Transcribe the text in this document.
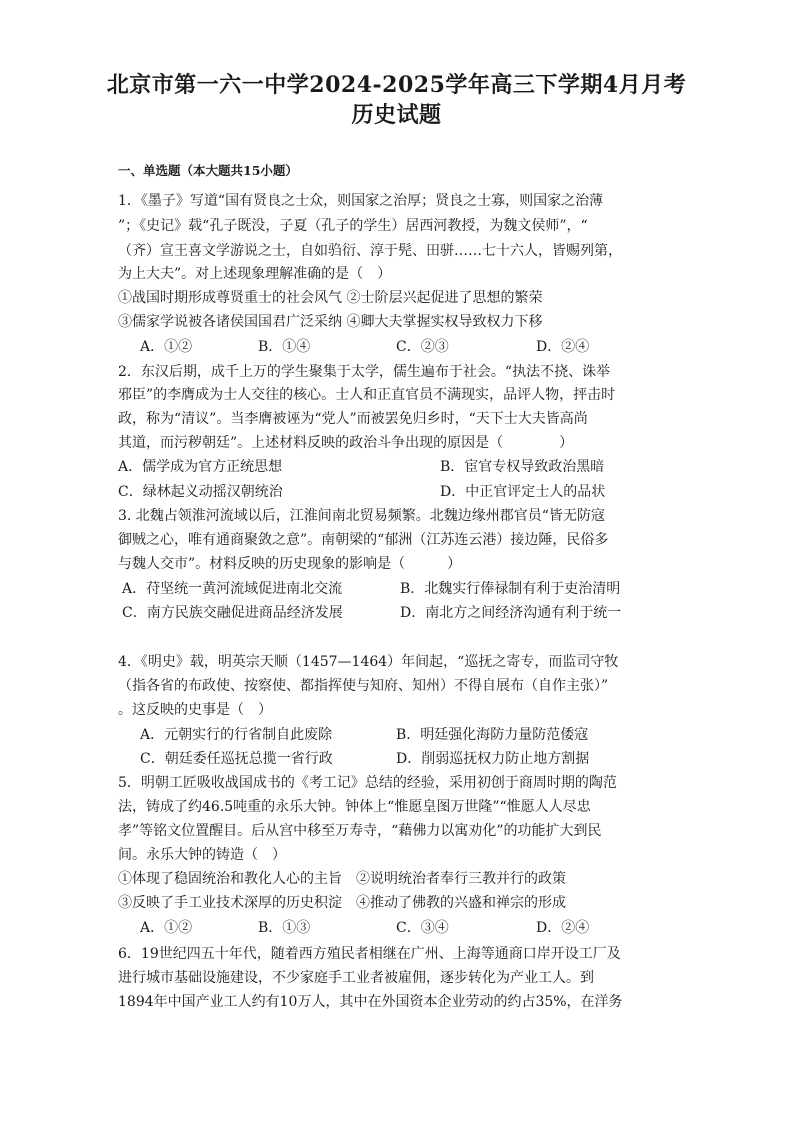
北京市第一六一中学2024-2025学年高三下学期4月月考
历史试题
一、单选题（本大题共15小题）
1．《墨子》写道“国有贤良之士众，则国家之治厚；贤良之士寡，则国家之治薄
”；《史记》载“孔子既没，子夏（孔子的学生）居西河教授，为魏文侯师”，“
（齐）宣王喜文学游说之士，自如驺衍、淳于髡、田骈……七十六人，皆赐列第，
为上大夫”。对上述现象理解准确的是（　）
①战国时期形成尊贤重士的社会风气 ②士阶层兴起促进了思想的繁荣
③儒家学说被各诸侯国国君广泛采纳 ④卿大夫掌握实权导致权力下移
A．①②	B．①④	C．②③	D．②④
2．东汉后期，成千上万的学生聚集于太学，儒生遍布于社会。“执法不挠、诛举
邪臣”的李膺成为士人交往的核心。士人和正直官员不满现实，品评人物，抨击时
政，称为“清议”。当李膺被诬为“党人”而被罢免归乡时，“天下士大夫皆高尚
其道，而污秽朝廷”。上述材料反映的政治斗争出现的原因是（　　　　）
A．儒学成为官方正统思想	B．宦官专权导致政治黑暗
C．绿林起义动摇汉朝统治	D．中正官评定士人的品状
3. 北魏占领淮河流域以后，江淮间南北贸易频繁。北魏边缘州郡官员“皆无防寇
御贼之心，唯有通商聚敛之意”。南朝梁的“郁洲（江苏连云港）接边陲，民俗多
与魏人交市”。材料反映的历史现象的影响是（　　　）
A．苻坚统一黄河流域促进南北交流	B．北魏实行俸禄制有利于吏治清明
C．南方民族交融促进商品经济发展	D．南北方之间经济沟通有利于统一
4．《明史》载，明英宗天顺（1457—1464）年间起，“巡抚之寄专，而监司守牧
（指各省的布政使、按察使、都指挥使与知府、知州）不得自展布（自作主张）”
。这反映的史事是（　）
A．元朝实行的行省制自此废除	B．明廷强化海防力量防范倭寇
C．朝廷委任巡抚总揽一省行政	D．削弱巡抚权力防止地方割据
5．明朝工匠吸收战国成书的《考工记》总结的经验，采用初创于商周时期的陶范
法，铸成了约46.5吨重的永乐大钟。钟体上“惟愿皇图万世隆”“惟愿人人尽忠
孝”等铭文位置醒目。后从宫中移至万寿寺，“藉佛力以寓劝化”的功能扩大到民
间。永乐大钟的铸造（　）
①体现了稳固统治和教化人心的主旨　②说明统治者奉行三教并行的政策
③反映了手工业技术深厚的历史积淀　④推动了佛教的兴盛和禅宗的形成
A．①②	B．①③	C．③④	D．②④
6．19世纪四五十年代，随着西方殖民者相继在广州、上海等通商口岸开设工厂及
进行城市基础设施建设，不少家庭手工业者被雇佣，逐步转化为产业工人。到
1894年中国产业工人约有10万人，其中在外国资本企业劳动的约占35%，在洋务
